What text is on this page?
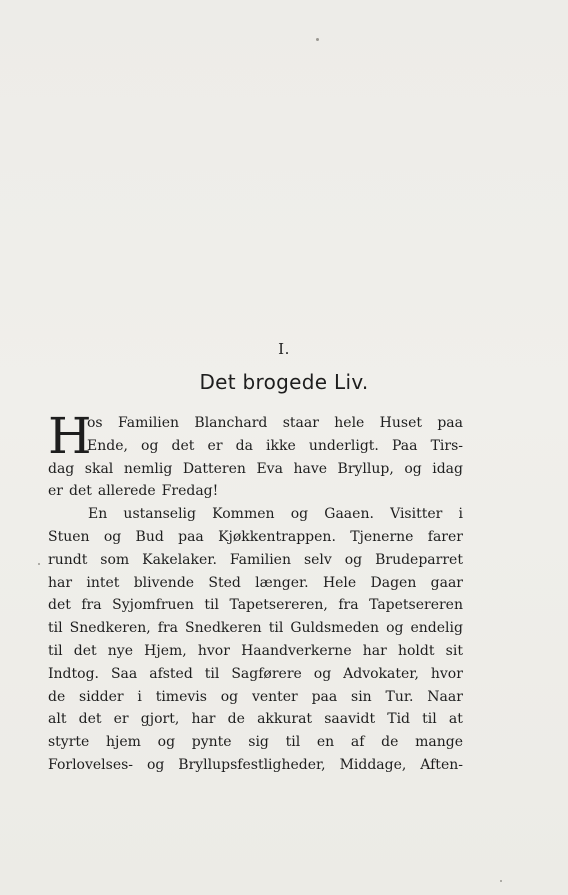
I.
Det brogede Liv.
H
os Familien Blanchard staar hele Huset paa
Ende, og det er da ikke underligt. Paa Tirs-
dag skal nemlig Datteren Eva have Bryllup, og idag
er det allerede Fredag!
En ustanselig Kommen og Gaaen. Visitter i
Stuen og Bud paa Kjøkkentrappen. Tjenerne farer
rundt som Kakelaker. Familien selv og Brudeparret
har intet blivende Sted længer. Hele Dagen gaar
det fra Syjomfruen til Tapetsereren, fra Tapetsereren
til Snedkeren, fra Snedkeren til Guldsmeden og endelig
til det nye Hjem, hvor Haandverkerne har holdt sit
Indtog. Saa afsted til Sagførere og Advokater, hvor
de sidder i timevis og venter paa sin Tur. Naar
alt det er gjort, har de akkurat saavidt Tid til at
styrte hjem og pynte sig til en af de mange
Forlovelses- og Bryllupsfestligheder, Middage, Aften-
